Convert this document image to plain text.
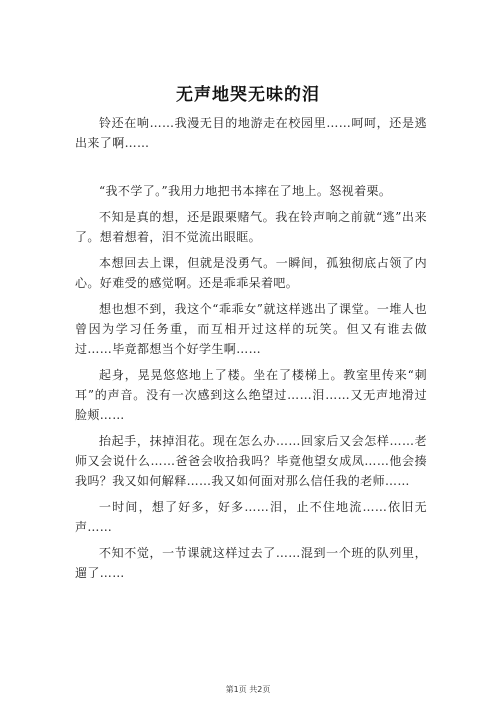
无声地哭无味的泪

铃还在响……我漫无目的地游走在校园里……呵呵，还是逃出来了啊……

“我不学了。”我用力地把书本摔在了地上。怒视着栗。

不知是真的想，还是跟栗赌气。我在铃声响之前就“逃”出来了。想着想着，泪不觉流出眼眶。

本想回去上课，但就是没勇气。一瞬间，孤独彻底占领了内心。好难受的感觉啊。还是乖乖呆着吧。

想也想不到，我这个“乖乖女”就这样逃出了课堂。一堆人也曾因为学习任务重，而互相开过这样的玩笑。但又有谁去做过……毕竟都想当个好学生啊……

起身，晃晃悠悠地上了楼。坐在了楼梯上。教室里传来“刺耳”的声音。没有一次感到这么绝望过……泪……又无声地滑过脸颊……

抬起手，抹掉泪花。现在怎么办……回家后又会怎样……老师又会说什么……爸爸会收拾我吗？毕竟他望女成凤……他会揍我吗？我又如何解释……我又如何面对那么信任我的老师……

一时间，想了好多，好多……泪，止不住地流……依旧无声……

不知不觉，一节课就这样过去了……混到一个班的队列里，遛了……

第1页 共2页
